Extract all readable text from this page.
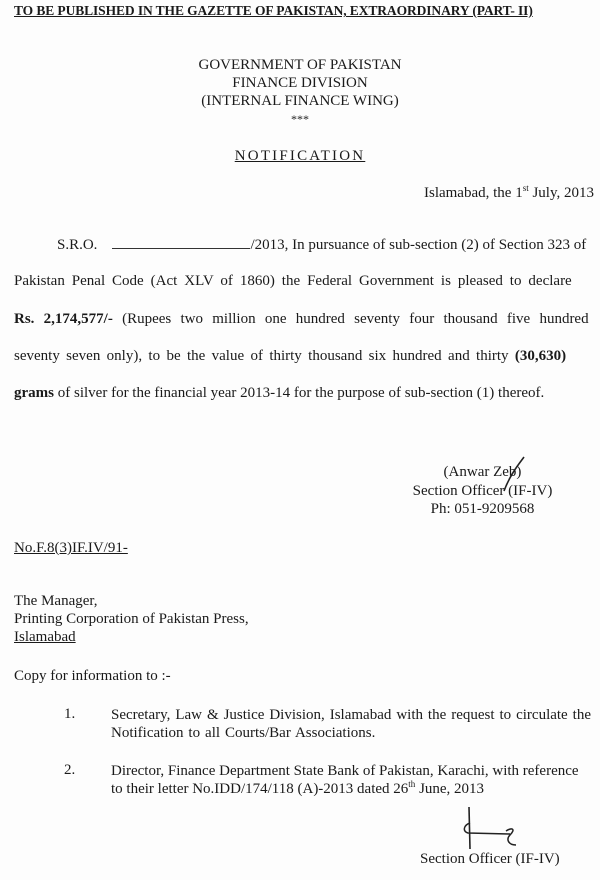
TO BE PUBLISHED IN THE GAZETTE OF PAKISTAN, EXTRAORDINARY (PART- II)
GOVERNMENT OF PAKISTAN
FINANCE DIVISION
(INTERNAL FINANCE WING)
***
NOTIFICATION
Islamabad, the 1st July, 2013
S.R.O.	/2013, In pursuance of sub-section (2) of Section 323 of
Pakistan Penal Code (Act XLV of 1860) the Federal Government is pleased to declare
Rs. 2,174,577/- (Rupees two million one hundred seventy four thousand five hundred
seventy seven only), to be the value of thirty thousand six hundred and thirty (30,630)
grams of silver for the financial year 2013-14 for the purpose of sub-section (1) thereof.
(Anwar Zeb)
Section Officer (IF-IV)
Ph: 051-9209568
No.F.8(3)IF.IV/91-
The Manager,
Printing Corporation of Pakistan Press,
Islamabad
Copy for information to :-
1. Secretary, Law & Justice Division, Islamabad with the request to circulate the Notification to all Courts/Bar Associations.
2. Director, Finance Department State Bank of Pakistan, Karachi, with reference to their letter No.IDD/174/118 (A)-2013 dated 26th June, 2013
Section Officer (IF-IV)
